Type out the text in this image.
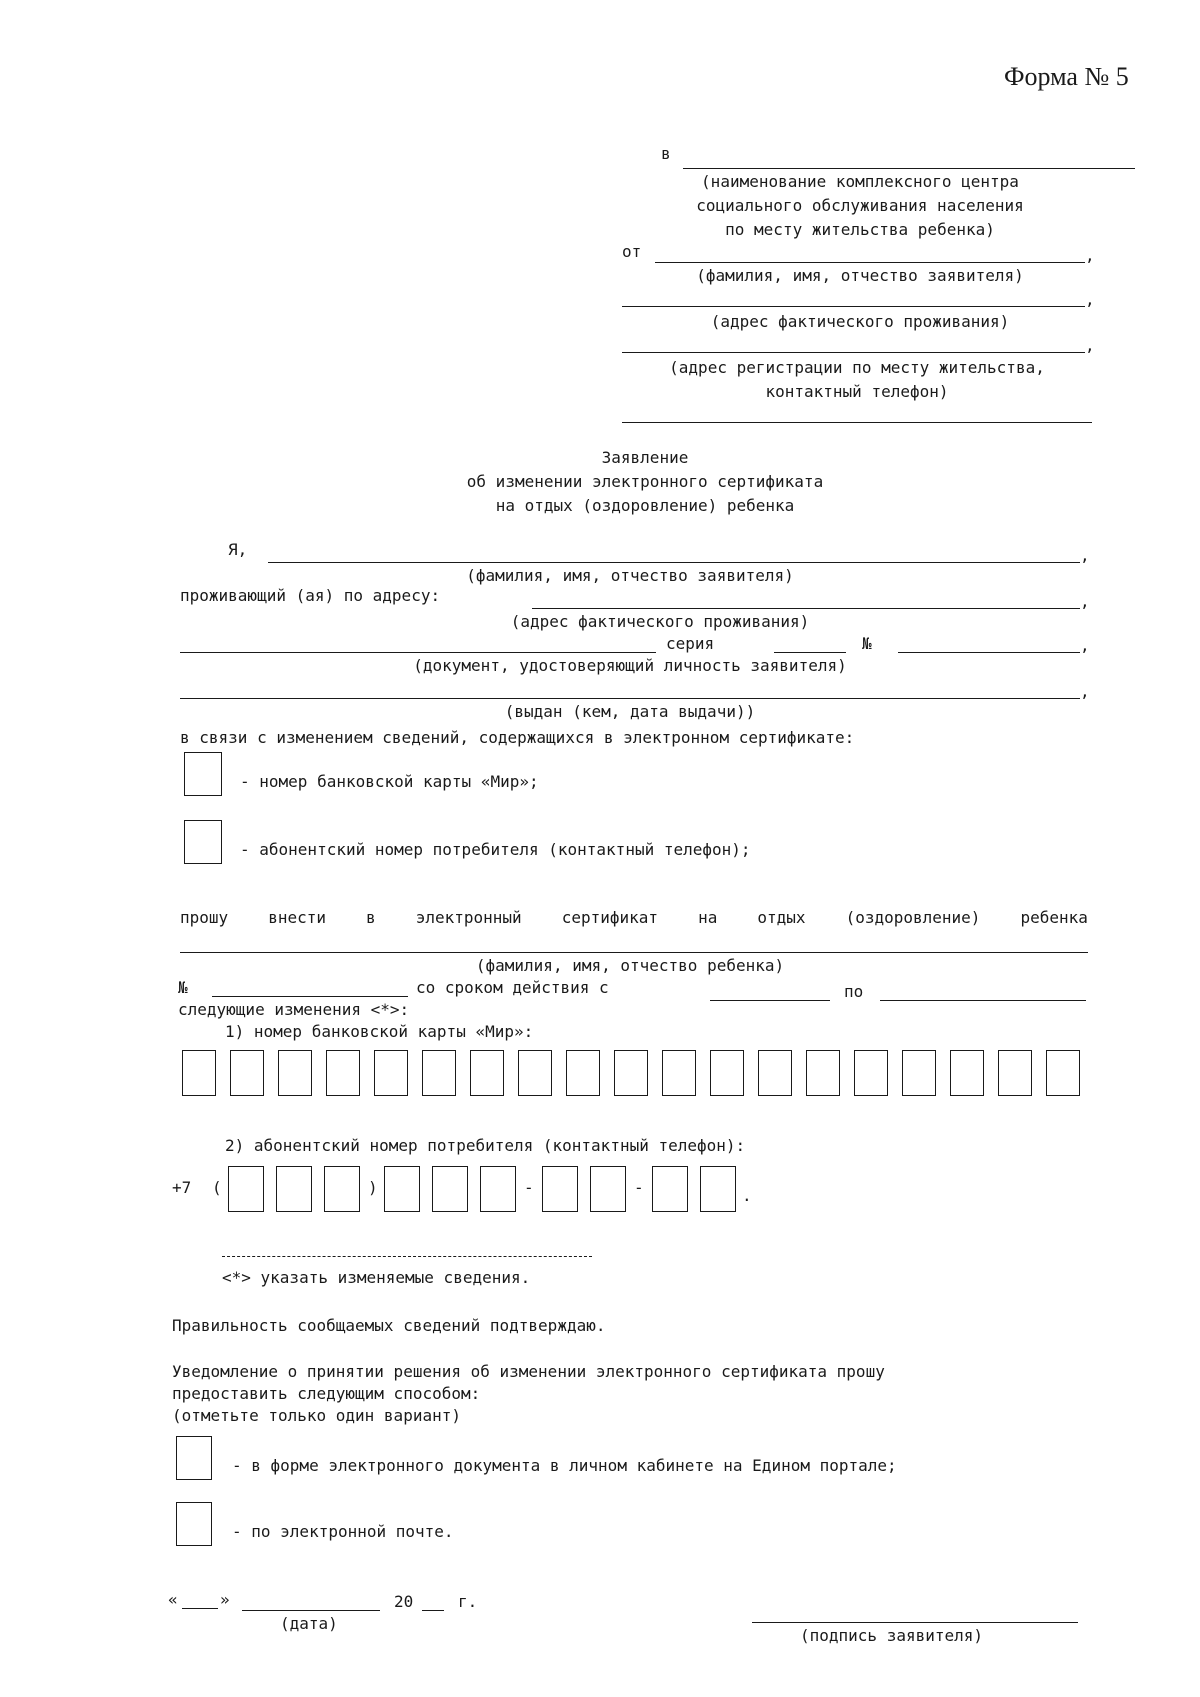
Форма № 5
в
(наименование комплексного центра
социального обслуживания населения
по месту жительства ребенка)
от	,
(фамилия, имя, отчество заявителя)
,
(адрес фактического проживания)
,
(адрес регистрации по месту жительства,
контактный телефон)
Заявление
об изменении электронного сертификата
на отдых (оздоровление) ребенка
Я,	,
(фамилия, имя, отчество заявителя)
проживающий (ая) по адресу:	,
(адрес фактического проживания)
серия	№	,
(документ, удостоверяющий личность заявителя)
,
(выдан (кем, дата выдачи))
в связи с изменением сведений, содержащихся в электронном сертификате:
- номер банковской карты «Мир»;
- абонентский номер потребителя (контактный телефон);
прошу	внести	в	электронный	сертификат	на	отдых	(оздоровление)	ребенка
(фамилия, имя, отчество ребенка)
№	со сроком действия с	по
следующие изменения <*>:
1) номер банковской карты «Мир»:
2) абонентский номер потребителя (контактный телефон):
+7 (	)	-	-	.
<*> указать изменяемые сведения.
Правильность сообщаемых сведений подтверждаю.
Уведомление о принятии решения об изменении электронного сертификата прошу
предоставить следующим способом:
(отметьте только один вариант)
- в форме электронного документа в личном кабинете на Едином портале;
- по электронной почте.
«	»	20	г.
(дата)
(подпись заявителя)
